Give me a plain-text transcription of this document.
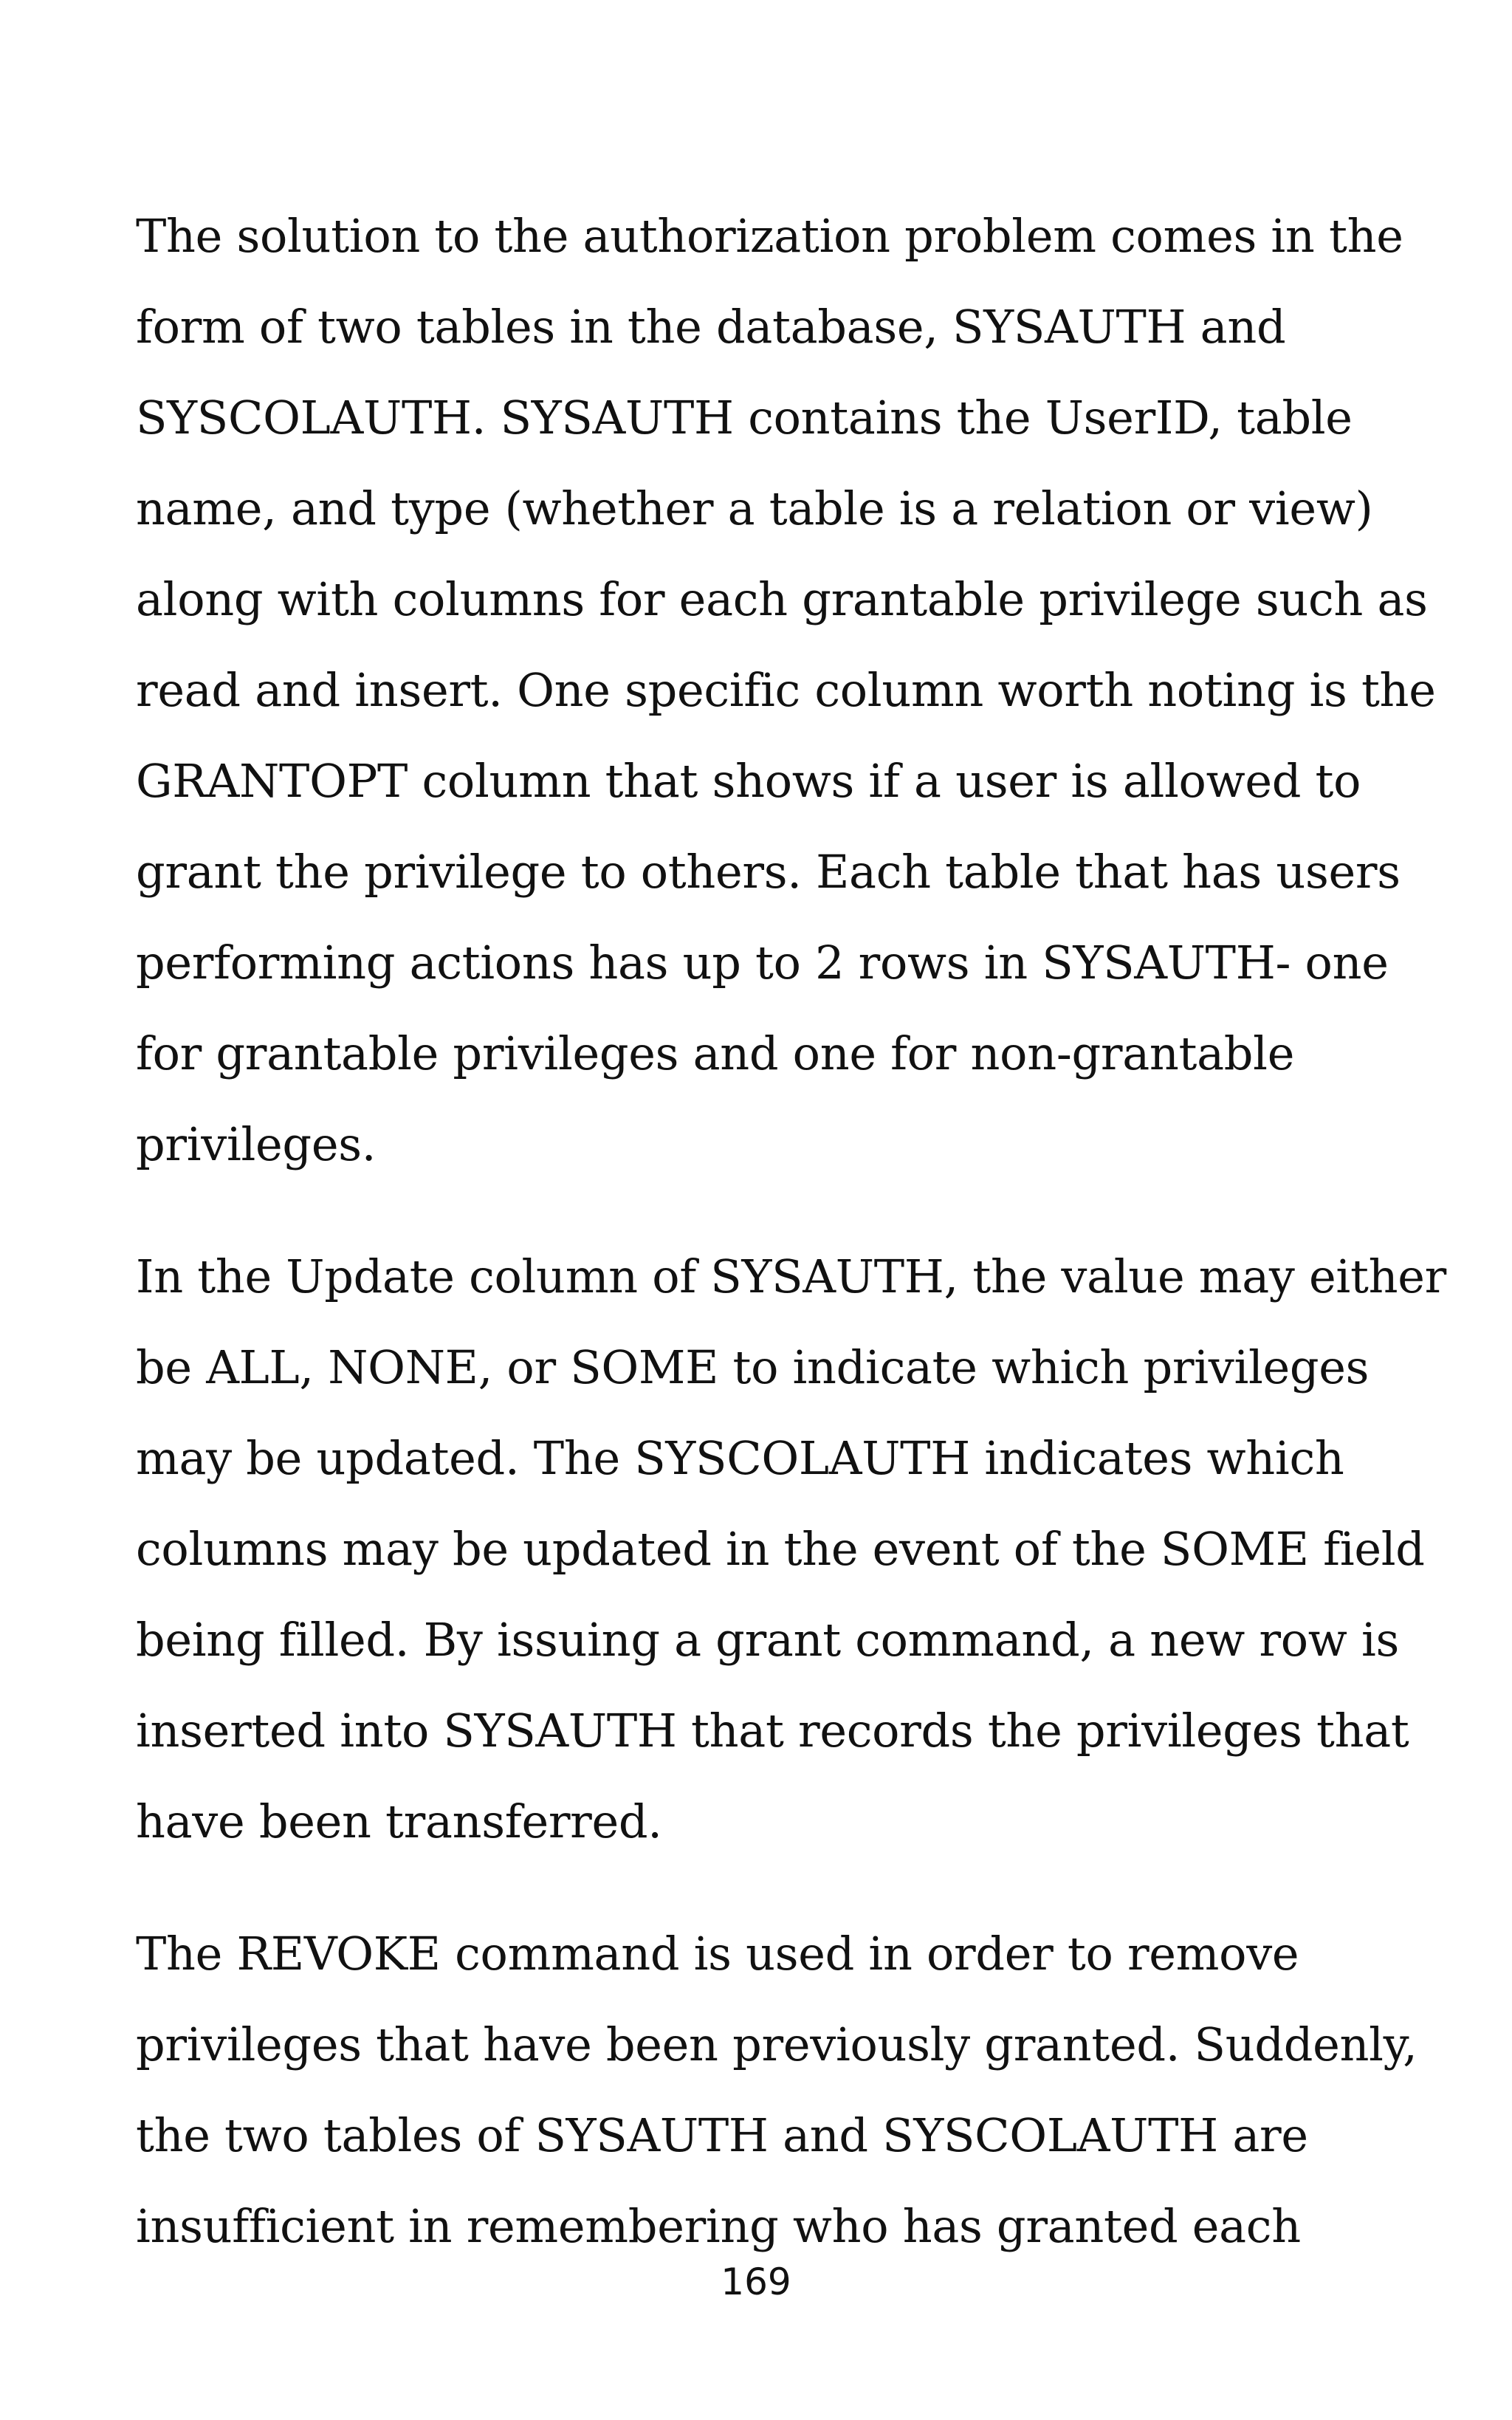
The solution to the authorization problem comes in the
form of two tables in the database, SYSAUTH and
SYSCOLAUTH. SYSAUTH contains the UserID, table
name, and type (whether a table is a relation or view)
along with columns for each grantable privilege such as
read and insert. One specific column worth noting is the
GRANTOPT column that shows if a user is allowed to
grant the privilege to others. Each table that has users
performing actions has up to 2 rows in SYSAUTH- one
for grantable privileges and one for non-grantable
privileges.

In the Update column of SYSAUTH, the value may either
be ALL, NONE, or SOME to indicate which privileges
may be updated. The SYSCOLAUTH indicates which
columns may be updated in the event of the SOME field
being filled. By issuing a grant command, a new row is
inserted into SYSAUTH that records the privileges that
have been transferred.

The REVOKE command is used in order to remove
privileges that have been previously granted. Suddenly,
the two tables of SYSAUTH and SYSCOLAUTH are
insufficient in remembering who has granted each

169
